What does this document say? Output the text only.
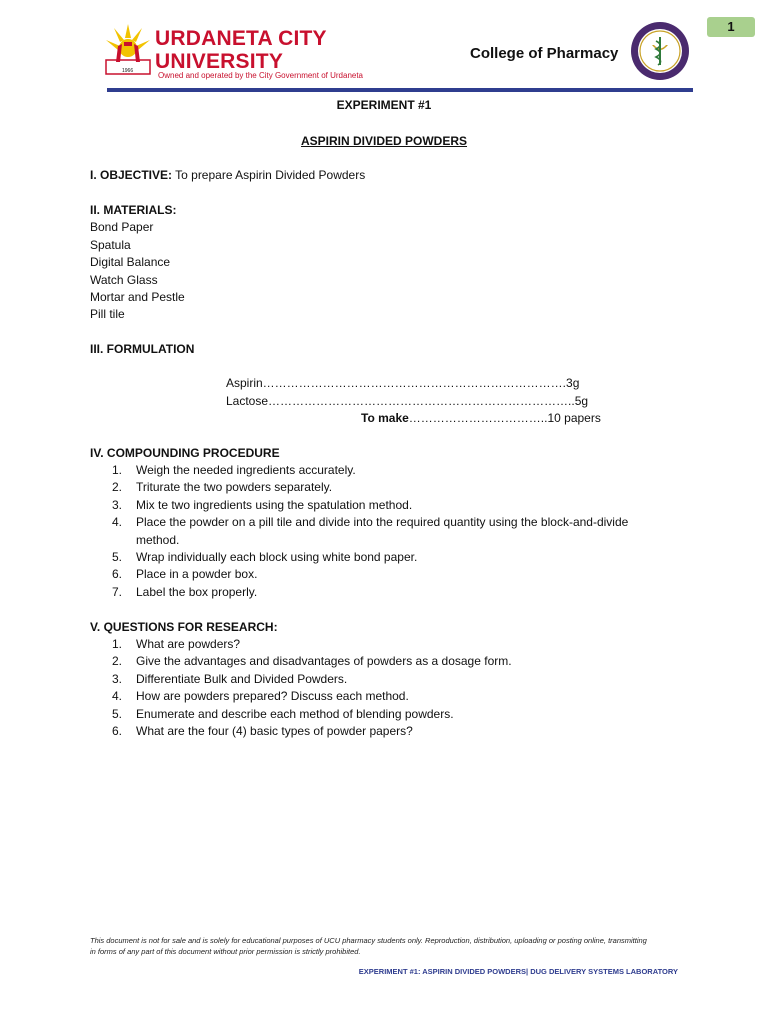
1
1966
URDANETA CITY
UNIVERSITY
Owned and operated by the City Government of Urdaneta
College of Pharmacy
EXPERIMENT #1
ASPIRIN DIVIDED POWDERS
I. OBJECTIVE: To prepare Aspirin Divided Powders
II. MATERIALS:
Bond Paper
Spatula
Digital Balance
Watch Glass
Mortar and Pestle
Pill tile
III. FORMULATION
Aspirin………………………………………………………………….3g
Lactose…………………………………………………………………..5g
To make……………………………..10 papers
IV. COMPOUNDING PROCEDURE
1. Weigh the needed ingredients accurately.
2. Triturate the two powders separately.
3. Mix te two ingredients using the spatulation method.
4. Place the powder on a pill tile and divide into the required quantity using the block-and-divide
method.
5. Wrap individually each block using white bond paper.
6. Place in a powder box.
7. Label the box properly.
V. QUESTIONS FOR RESEARCH:
1. What are powders?
2. Give the advantages and disadvantages of powders as a dosage form.
3. Differentiate Bulk and Divided Powders.
4. How are powders prepared? Discuss each method.
5. Enumerate and describe each method of blending powders.
6. What are the four (4) basic types of powder papers?
This document is not for sale and is solely for educational purposes of UCU pharmacy students only. Reproduction, distribution, uploading or posting online, transmitting
in forms of any part of this document without prior permission is strictly prohibited.
EXPERIMENT #1: ASPIRIN DIVIDED POWDERS| DUG DELIVERY SYSTEMS LABORATORY
